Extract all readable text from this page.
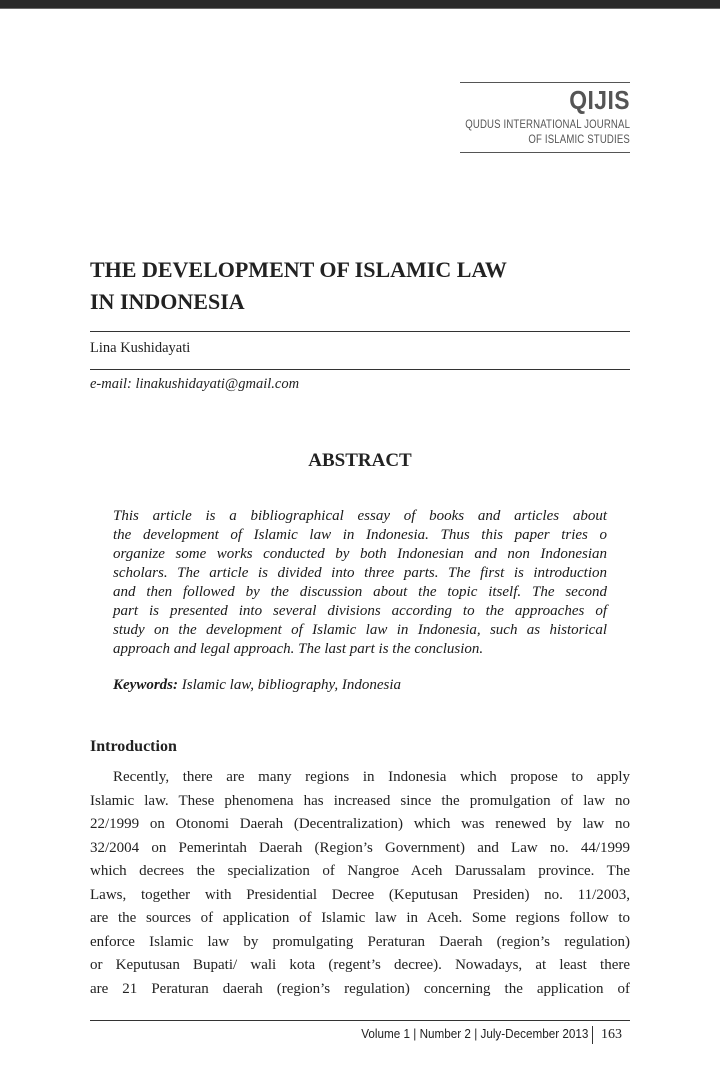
QIJIS
QUDUS INTERNATIONAL JOURNAL
OF ISLAMIC STUDIES
THE DEVELOPMENT OF ISLAMIC LAW
IN INDONESIA
Lina Kushidayati
e-mail: linakushidayati@gmail.com
ABSTRACT
This article is a bibliographical essay of books and articles about
the development of Islamic law in Indonesia. Thus this paper tries o
organize some works conducted by both Indonesian and non Indonesian
scholars. The article is divided into three parts. The first is introduction
and then followed by the discussion about the topic itself. The second
part is presented into several divisions according to the approaches of
study on the development of Islamic law in Indonesia, such as historical
approach and legal approach. The last part is the conclusion.
Keywords: Islamic law, bibliography, Indonesia
Introduction
Recently, there are many regions in Indonesia which propose to apply
Islamic law. These phenomena has increased since the promulgation of law no
22/1999 on Otonomi Daerah (Decentralization) which was renewed by law no
32/2004 on Pemerintah Daerah (Region’s Government) and Law no. 44/1999
which decrees the specialization of Nangroe Aceh Darussalam province. The
Laws, together with Presidential Decree (Keputusan Presiden) no. 11/2003,
are the sources of application of Islamic law in Aceh. Some regions follow to
enforce Islamic law by promulgating Peraturan Daerah (region’s regulation)
or Keputusan Bupati/ wali kota (regent’s decree). Nowadays, at least there
are 21 Peraturan daerah (region’s regulation) concerning the application of
Volume 1 | Number 2 | July-December 2013 163
